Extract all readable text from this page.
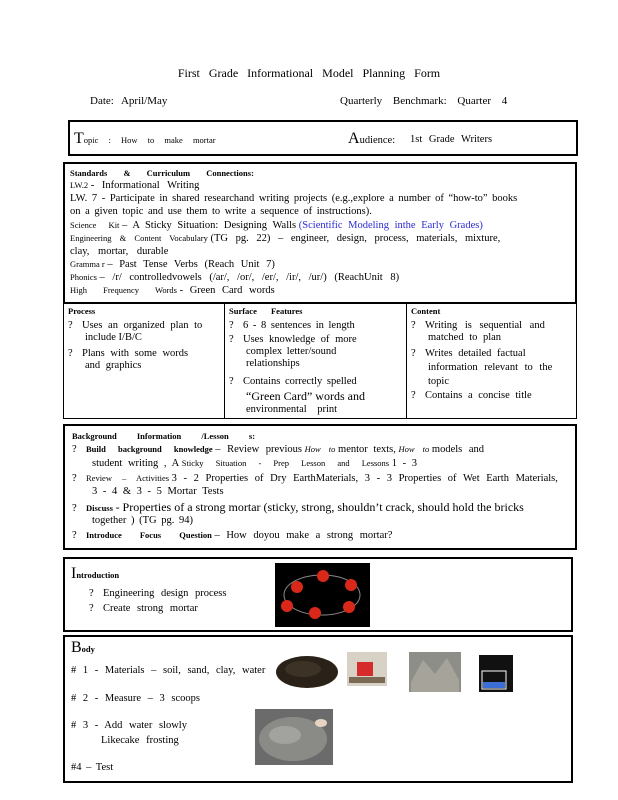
First Grade Informational Model Planning Form
Date: April/May	Quarterly Benchmark: Quarter 4
Topic : How to make mortar	Audience: 1st Grade Writers
Standards & Curriculum Connections:
LW.2 - Informational Writing
LW. 7 - Participate in shared researchand writing projects (e.g.,explore a number of “how-to” books
on a given topic and use them to write a sequence of instructions).
Science Kit – A Sticky Situation: Designing Walls (Scientific Modeling inthe Early Grades)
Engineering & Content Vocabulary (TG pg. 22) – engineer, design, process, materials, mixture,
clay, mortar, durable
Gramma r – Past Tense Verbs (Reach Unit 7)
Phonics – /r/ controlledvowels (/ar/, /or/, /er/, /ir/, /ur/) (ReachUnit 8)
High Frequency Words - Green Card words
Process
? Uses an organized plan to
include I/B/C
? Plans with some words
and graphics
Surface Features
? 6 - 8 sentences in length
? Uses knowledge of more
complex letter/sound
relationships
? Contains correctly spelled
“Green Card” words and
environmental print
Content
? Writing is sequential and
matched to plan
? Writes detailed factual
information relevant to the
topic
? Contains a concise title
Background Information /Lesson s:
? Build background knowledge – Review previous How to mentor texts, How to models and
student writing , A Sticky Situation - Prep Lesson and Lessons 1 - 3
? Review – Activities 3 - 2 Properties of Dry EarthMaterials, 3 - 3 Properties of Wet Earth Materials,
3 - 4 & 3 - 5 Mortar Tests
? Discuss - Properties of a strong mortar (sticky, strong, shouldn’t crack, should hold the bricks
together ) (TG pg. 94)
? Introduce Focus Question – How doyou make a strong mortar?
Introduction
? Engineering design process
? Create strong mortar
Body
# 1 - Materials – soil, sand, clay, water
# 2 - Measure – 3 scoops
# 3 - Add water slowly
Likecake frosting
#4 – Test
